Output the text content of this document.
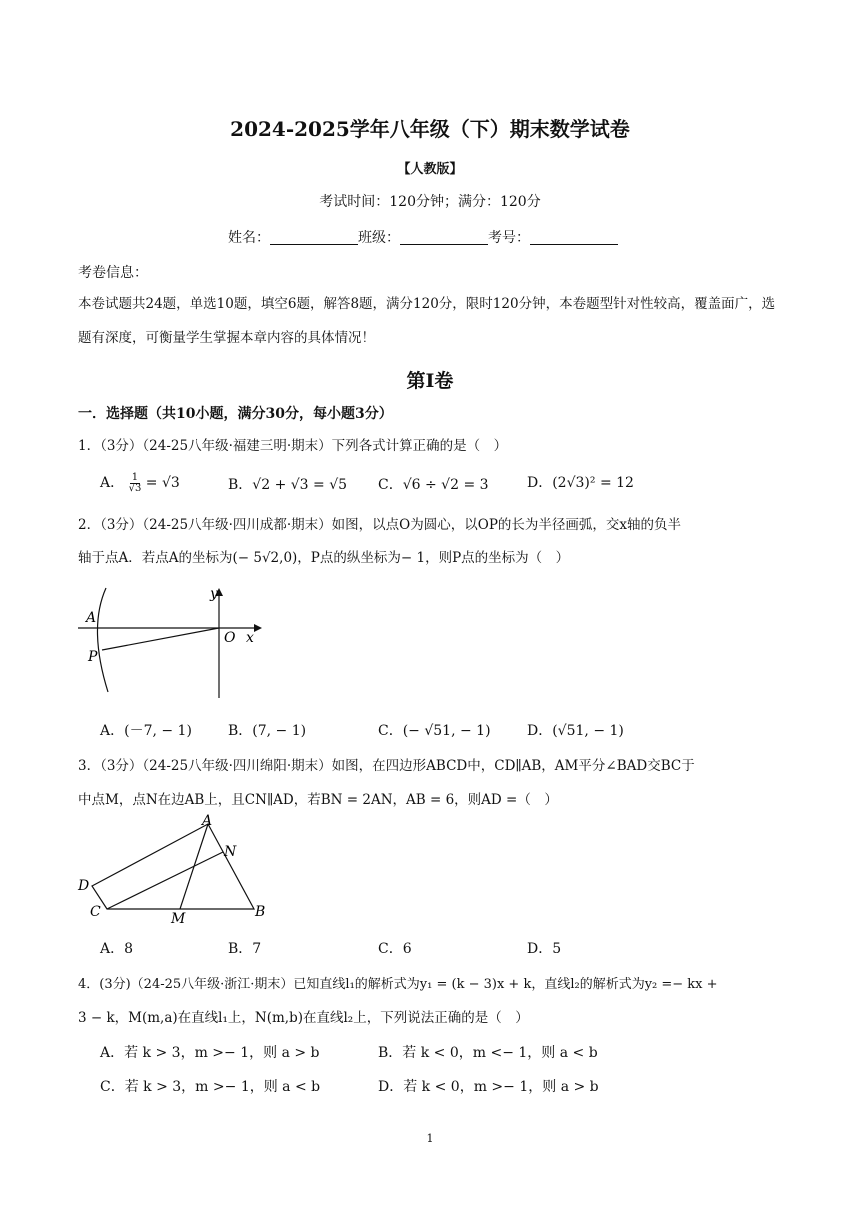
2024-2025学年八年级（下）期末数学试卷
【人教版】
考试时间：120分钟；满分：120分
姓名：	班级：	考号：
考卷信息：
本卷试题共24题，单选10题，填空6题，解答8题，满分120分，限时120分钟，本卷题型针对性较高，覆盖面广，选题有深度，可衡量学生掌握本章内容的具体情况！
第Ⅰ卷
一．选择题（共10小题，满分30分，每小题3分）
1．（3分）（24-25八年级·福建三明·期末）下列各式计算正确的是（　）
A． $\frac{1}{√3} = √3$	B．√2 + √3 = √5 C．√6 ÷ √2 = 3	D．(2√3)² = 12
2．（3分）（24-25八年级·四川成都·期末）如图，以点O为圆心，以OP的长为半径画弧，交x轴的负半
轴于点A．若点A的坐标为(− 5√2,0)，P点的纵坐标为− 1，则P点的坐标为（　）
y
A
O x
P
A．(－7, − 1)	B．(7, − 1)	C．(− √51, − 1)	D．(√51, − 1)
3．（3分）（24-25八年级·四川绵阳·期末）如图，在四边形ABCD中，CD∥AB，AM平分∠BAD交BC于
中点M，点N在边AB上，且CN∥AD，若BN = 2AN，AB = 6，则AD =（　）
A
N
D
C	M	B
A．8	B．7	C．6	D．5
4．(3分)（24-25八年级·浙江·期末）已知直线l₁的解析式为y₁ = (k − 3)x + k，直线l₂的解析式为y₂ =− kx +
3 − k，M(m,a)在直线l₁上，N(m,b)在直线l₂上，下列说法正确的是（　）
A．若 k > 3，m >− 1，则 a > b	B．若 k < 0，m <− 1，则 a < b
C．若 k > 3，m >− 1，则 a < b	D．若 k < 0，m >− 1，则 a > b
1
